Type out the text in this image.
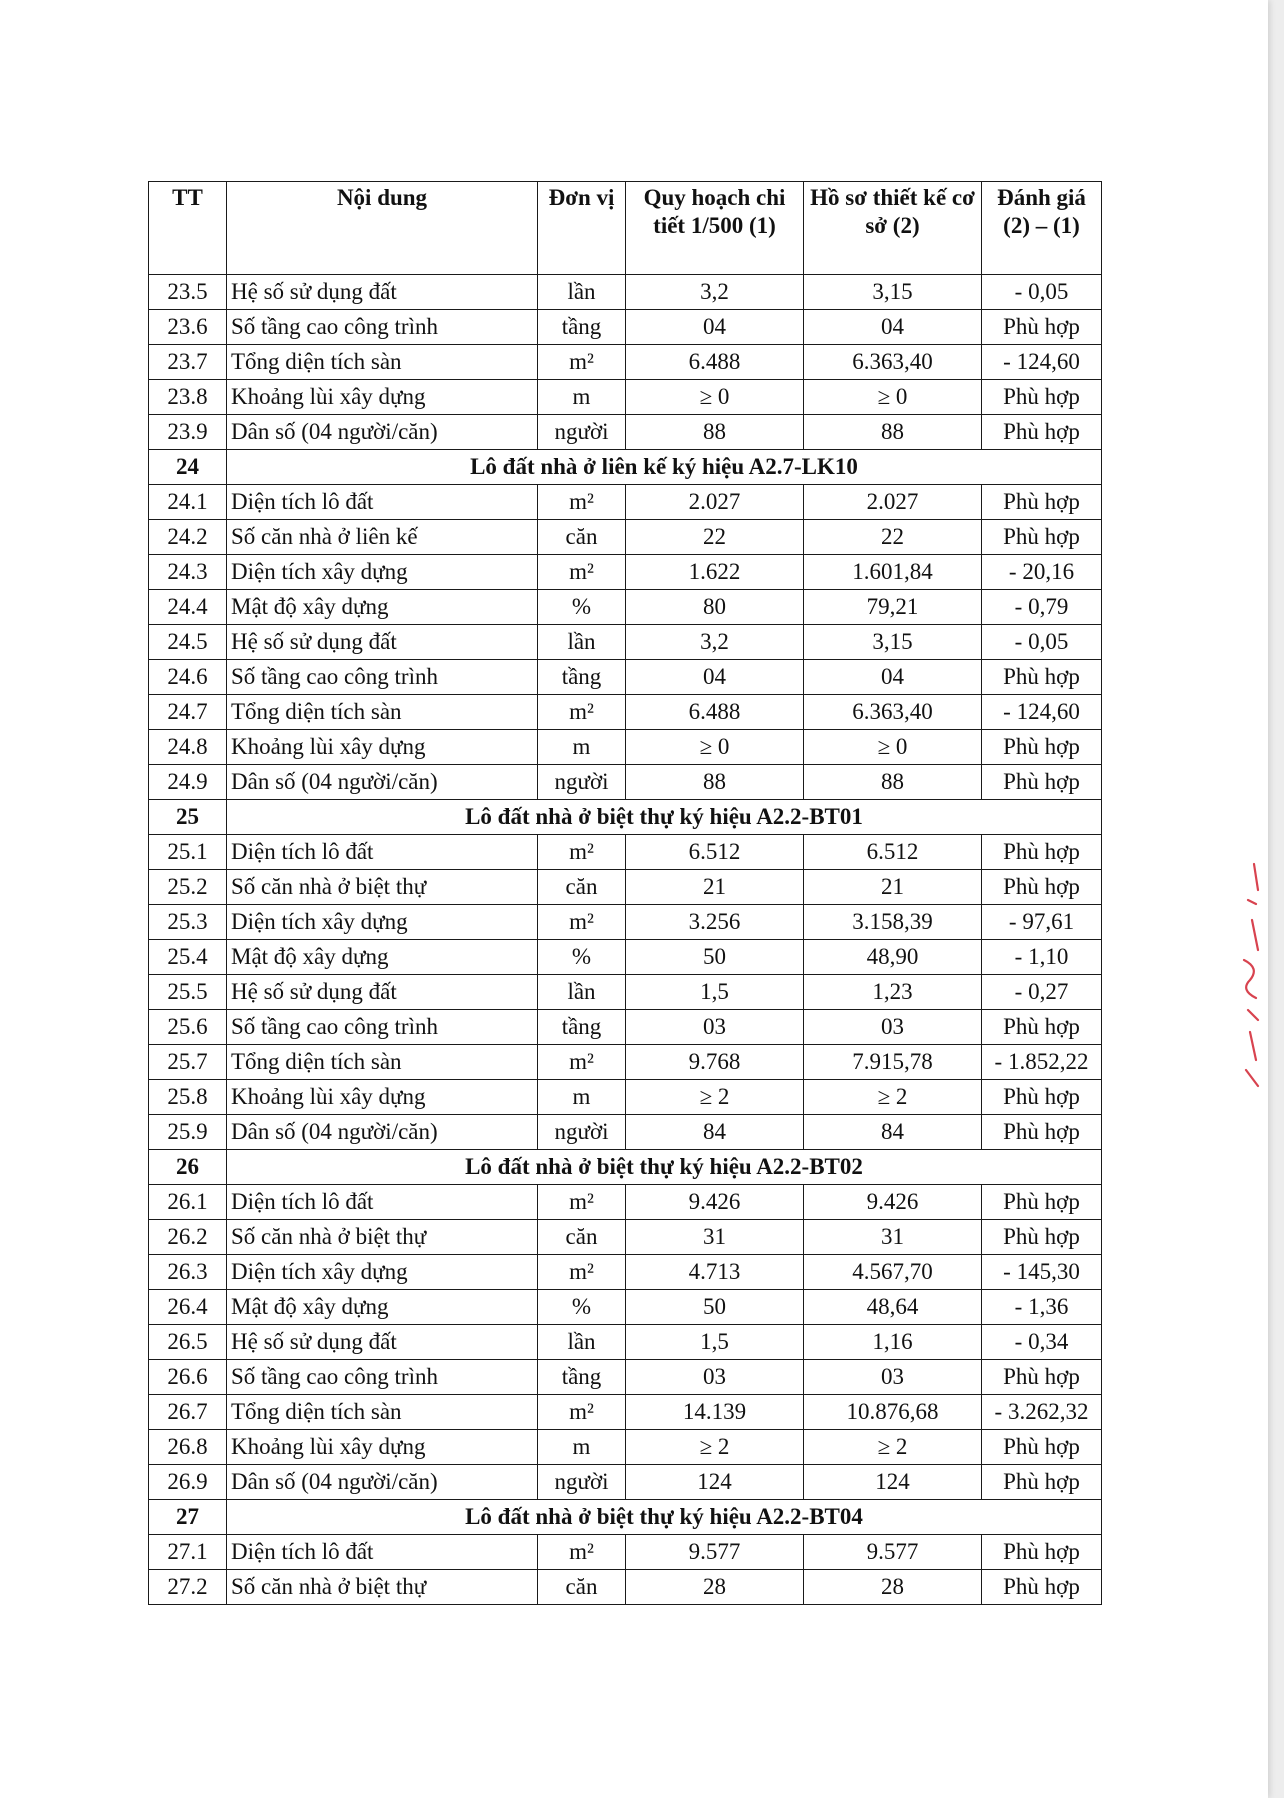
TT	Nội dung	Đơn vị	Quy hoạch chi tiết 1/500 (1)	Hồ sơ thiết kế cơ sở (2)	Đánh giá (2) – (1)
23.5	Hệ số sử dụng đất	lần	3,2	3,15	- 0,05
23.6	Số tầng cao công trình	tầng	04	04	Phù hợp
23.7	Tổng diện tích sàn	m²	6.488	6.363,40	- 124,60
23.8	Khoảng lùi xây dựng	m	≥ 0	≥ 0	Phù hợp
23.9	Dân số (04 người/căn)	người	88	88	Phù hợp
24	Lô đất nhà ở liên kế ký hiệu A2.7-LK10				
24.1	Diện tích lô đất	m²	2.027	2.027	Phù hợp
24.2	Số căn nhà ở liên kế	căn	22	22	Phù hợp
24.3	Diện tích xây dựng	m²	1.622	1.601,84	- 20,16
24.4	Mật độ xây dựng	%	80	79,21	- 0,79
24.5	Hệ số sử dụng đất	lần	3,2	3,15	- 0,05
24.6	Số tầng cao công trình	tầng	04	04	Phù hợp
24.7	Tổng diện tích sàn	m²	6.488	6.363,40	- 124,60
24.8	Khoảng lùi xây dựng	m	≥ 0	≥ 0	Phù hợp
24.9	Dân số (04 người/căn)	người	88	88	Phù hợp
25	Lô đất nhà ở biệt thự ký hiệu A2.2-BT01				
25.1	Diện tích lô đất	m²	6.512	6.512	Phù hợp
25.2	Số căn nhà ở biệt thự	căn	21	21	Phù hợp
25.3	Diện tích xây dựng	m²	3.256	3.158,39	- 97,61
25.4	Mật độ xây dựng	%	50	48,90	- 1,10
25.5	Hệ số sử dụng đất	lần	1,5	1,23	- 0,27
25.6	Số tầng cao công trình	tầng	03	03	Phù hợp
25.7	Tổng diện tích sàn	m²	9.768	7.915,78	- 1.852,22
25.8	Khoảng lùi xây dựng	m	≥ 2	≥ 2	Phù hợp
25.9	Dân số (04 người/căn)	người	84	84	Phù hợp
26	Lô đất nhà ở biệt thự ký hiệu A2.2-BT02				
26.1	Diện tích lô đất	m²	9.426	9.426	Phù hợp
26.2	Số căn nhà ở biệt thự	căn	31	31	Phù hợp
26.3	Diện tích xây dựng	m²	4.713	4.567,70	- 145,30
26.4	Mật độ xây dựng	%	50	48,64	- 1,36
26.5	Hệ số sử dụng đất	lần	1,5	1,16	- 0,34
26.6	Số tầng cao công trình	tầng	03	03	Phù hợp
26.7	Tổng diện tích sàn	m²	14.139	10.876,68	- 3.262,32
26.8	Khoảng lùi xây dựng	m	≥ 2	≥ 2	Phù hợp
26.9	Dân số (04 người/căn)	người	124	124	Phù hợp
27	Lô đất nhà ở biệt thự ký hiệu A2.2-BT04				
27.1	Diện tích lô đất	m²	9.577	9.577	Phù hợp
27.2	Số căn nhà ở biệt thự	căn	28	28	Phù hợp
